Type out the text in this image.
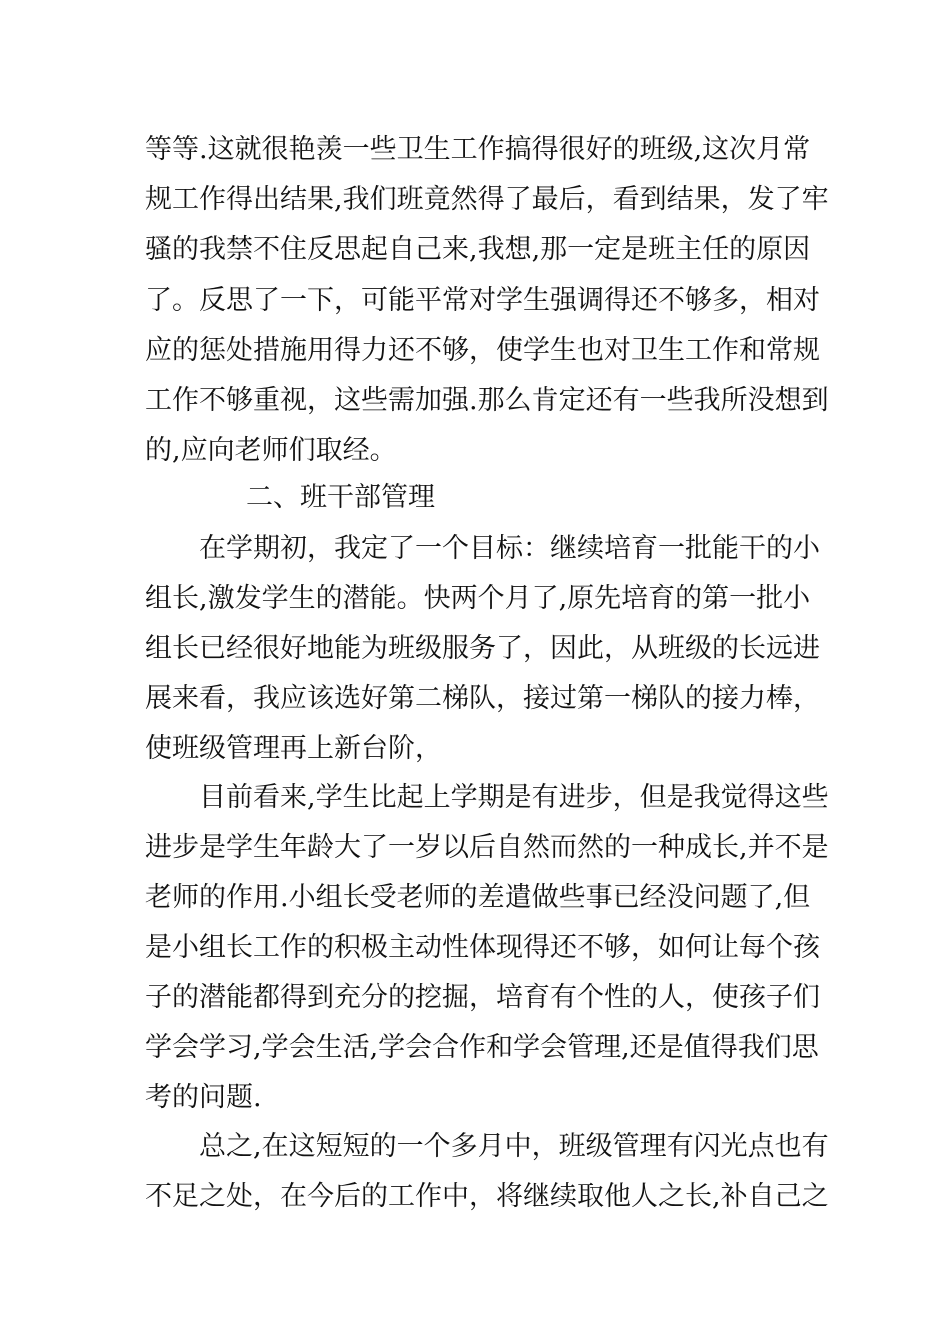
等等.这就很艳羡一些卫生工作搞得很好的班级,这次月常
规工作得出结果,我们班竟然得了最后，看到结果，发了牢
骚的我禁不住反思起自己来,我想,那一定是班主任的原因
了。反思了一下，可能平常对学生强调得还不够多，相对
应的惩处措施用得力还不够，使学生也对卫生工作和常规
工作不够重视，这些需加强.那么肯定还有一些我所没想到
的,应向老师们取经。
二、班干部管理
在学期初，我定了一个目标：继续培育一批能干的小
组长,激发学生的潜能。快两个月了,原先培育的第一批小
组长已经很好地能为班级服务了，因此，从班级的长远进
展来看，我应该选好第二梯队，接过第一梯队的接力棒，
使班级管理再上新台阶，
目前看来,学生比起上学期是有进步，但是我觉得这些
进步是学生年龄大了一岁以后自然而然的一种成长,并不是
老师的作用.小组长受老师的差遣做些事已经没问题了,但
是小组长工作的积极主动性体现得还不够，如何让每个孩
子的潜能都得到充分的挖掘，培育有个性的人，使孩子们
学会学习,学会生活,学会合作和学会管理,还是值得我们思
考的问题.
总之,在这短短的一个多月中，班级管理有闪光点也有
不足之处，在今后的工作中，将继续取他人之长,补自己之
